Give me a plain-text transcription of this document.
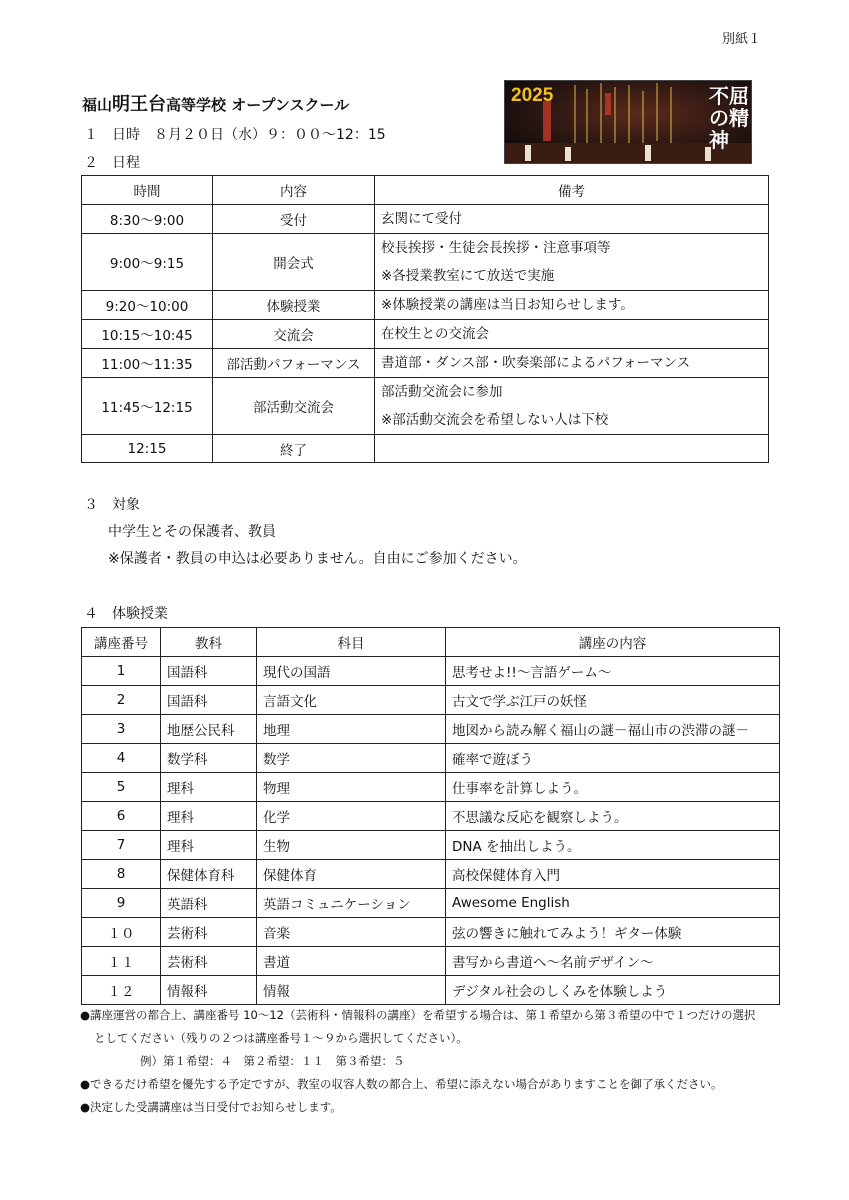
別紙１
福山明王台高等学校 オープンスクール	2025	不屈の精神
１　 日時　８月２０日（水）９：００〜12：15
２　 日程
時間	内容	備考
8:30〜9:00	受付	玄関にて受付

9:00〜9:15	開会式	校長挨拶・生徒会長挨拶・注意事項等
※各授業教室にて放送で実施

9:20〜10:00	体験授業	※体験授業の講座は当日お知らせします。

10:15〜10:45	交流会	在校生との交流会

11:00〜11:35	部活動パフォーマンス	書道部・ダンス部・吹奏楽部によるパフォーマンス

11:45〜12:15	部活動交流会	部活動交流会に参加
※部活動交流会を希望しない人は下校

12:15	終了	
３　 対象
中学生とその保護者、教員
※保護者・教員の申込は必要ありません。自由にご参加ください。
４　 体験授業
講座番号	教科	科目	講座の内容
1	国語科	現代の国語	思考せよ!!〜言語ゲーム〜
2	国語科	言語文化	古文で学ぶ江戸の妖怪
3	地歴公民科	地理	地図から読み解く福山の謎－福山市の渋滞の謎－
4	数学科	数学	確率で遊ぼう
5	理科	物理	仕事率を計算しよう。
6	理科	化学	不思議な反応を観察しよう。
7	理科	生物	DNA を抽出しよう。
8	保健体育科	保健体育	高校保健体育入門
9	英語科	英語コミュニケーション	Awesome English
１０	芸術科	音楽	弦の響きに触れてみよう！ギター体験
１１	芸術科	書道	書写から書道へ〜名前デザイン〜
１２	情報科	情報	デジタル社会のしくみを体験しよう
●講座運営の都合上、講座番号 10〜12（芸術科・情報科の講座）を希望する場合は、第１希望から第３希望の中で１つだけの選択
としてください（残りの２つは講座番号１〜９から選択してください）。
例）第１希望：４　第２希望：１１　第３希望：５
●できるだけ希望を優先する予定ですが、教室の収容人数の都合上、希望に添えない場合がありますことを御了承ください。
●決定した受講講座は当日受付でお知らせします。
